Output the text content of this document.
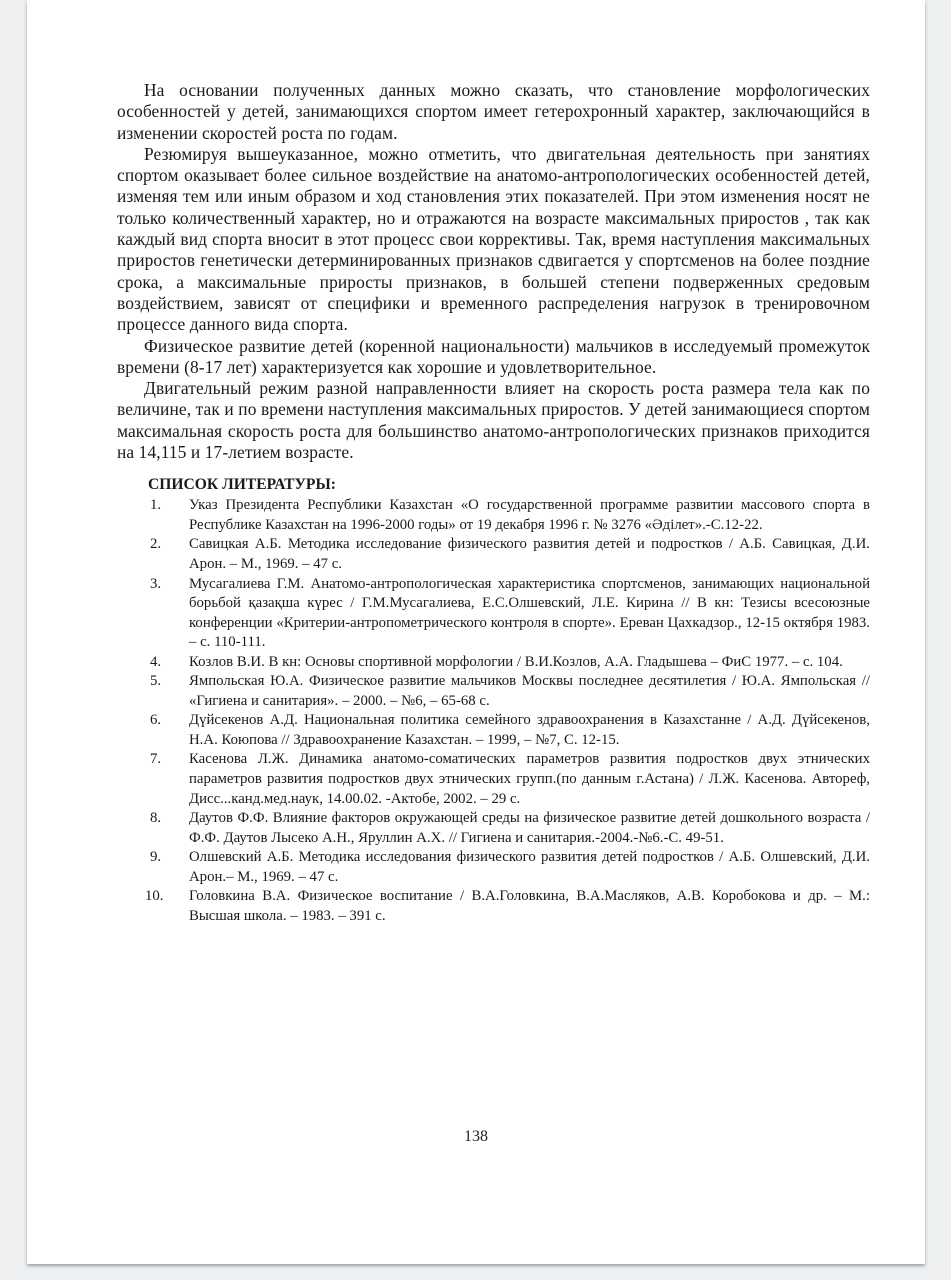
На основании полученных данных можно сказать, что становление морфологических особенностей у детей, занимающихся спортом имеет гетерохронный характер, заключающийся в изменении скоростей роста по годам.

Резюмируя вышеуказанное, можно отметить, что двигательная деятельность при занятиях спортом оказывает более сильное воздействие на анатомо-антропологических особенностей детей, изменяя тем или иным образом и ход становления этих показателей. При этом изменения носят не только количественный характер, но и отражаются на возрасте максимальных приростов , так как каждый вид спорта вносит в этот процесс свои коррективы. Так, время наступления максимальных приростов генетически детерминированных признаков сдвигается у спортсменов на более поздние срока, а максимальные приросты признаков, в большей степени подверженных средовым воздействием, зависят от специфики и временного распределения нагрузок в тренировочном процессе данного вида спорта.

Физическое развитие детей (коренной национальности) мальчиков в исследуемый промежуток времени (8-17 лет) характеризуется как хорошие и удовлетворительное.

Двигательный режим разной направленности влияет на скорость роста размера тела как по величине, так и по времени наступления максимальных приростов. У детей занимающиеся спортом максимальная скорость роста для большинство анатомо-антропологических признаков приходится на 14,115 и 17-летием возрасте.

СПИСОК ЛИТЕРАТУРЫ:

1.	Указ Президента Республики Казахстан «О государственной программе развитии массового спорта в Республике Казахстан на 1996-2000 годы» от 19 декабря 1996 г. № 3276 «Әділет».-С.12-22.
2.	Савицкая А.Б. Методика исследование физического развития детей и подростков / А.Б. Савицкая, Д.И. Арон. – М., 1969. – 47 с.
3.	Мусагалиева Г.М. Анатомо-антропологическая характеристика спортсменов, занимающих национальной борьбой қазақша күрес / Г.М.Мусагалиева, Е.С.Олшевский, Л.Е. Кирина // В кн: Тезисы всесоюзные конференции «Критерии-антропометрического контроля в спорте». Ереван Цахкадзор., 12-15 октября 1983. – с. 110-111.
4.	Козлов В.И. В кн: Основы спортивной морфологии / В.И.Козлов, А.А. Гладышева – ФиС 1977. – с. 104.
5.	Ямпольская Ю.А. Физическое развитие мальчиков Москвы последнее десятилетия / Ю.А. Ямпольская // «Гигиена и санитария». – 2000. – №6, – 65-68 с.
6.	Дүйсекенов А.Д. Национальная политика семейного здравоохранения в Казахстанне / А.Д. Дүйсекенов, Н.А. Коюпова // Здравоохранение Казахстан. – 1999, – №7, С. 12-15.
7.	Касенова Л.Ж. Динамика анатомо-соматических параметров развития подростков двух этнических параметров развития подростков двух этнических групп.(по данным г.Астана) / Л.Ж. Касенова. Автореф, Дисс...канд.мед.наук, 14.00.02. -Актобе, 2002. – 29 с.
8.	Даутов Ф.Ф. Влияние факторов окружающей среды на физическое развитие детей дошкольного возраста / Ф.Ф. Даутов Лысеко А.Н., Яруллин А.Х. // Гигиена и санитария.-2004.-№6.-С. 49-51.
9.	Олшевский А.Б. Методика исследования физического развития детей подростков / А.Б. Олшевский, Д.И. Арон.– М., 1969. – 47 с.
10.	Головкина В.А. Физическое воспитание / В.А.Головкина, В.А.Масляков, А.В. Коробокова и др. – М.: Высшая школа. – 1983. – 391 с.
138
